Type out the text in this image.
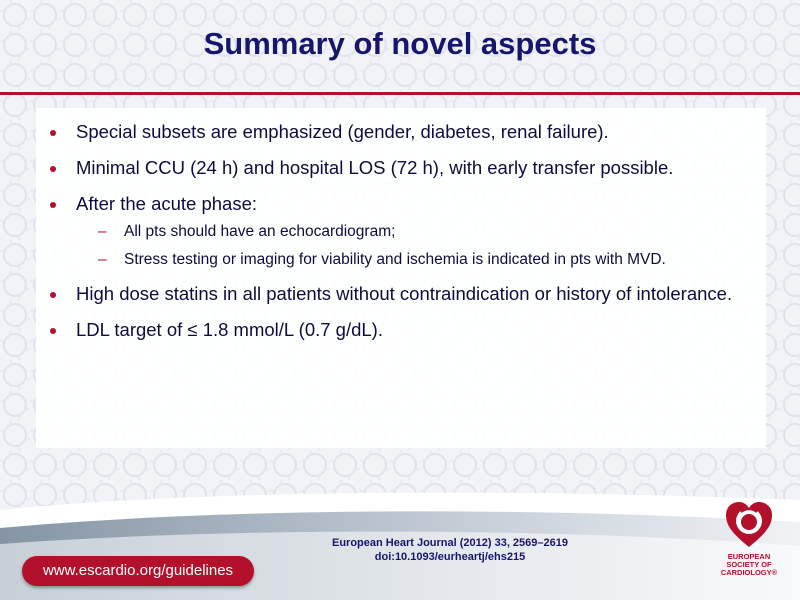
Summary of novel aspects
Special subsets are emphasized (gender, diabetes, renal failure).
Minimal CCU (24 h) and hospital LOS (72 h), with early transfer possible.
After the acute phase:
– All pts should have an echocardiogram;
– Stress testing or imaging for viability and ischemia is indicated in pts with MVD.
High dose statins in all patients without contraindication or history of intolerance.
LDL target of ≤ 1.8 mmol/L (0.7 g/dL).
www.escardio.org/guidelines
European Heart Journal (2012) 33, 2569–2619
doi:10.1093/eurheartj/ehs215	EUROPEAN
SOCIETY OF
CARDIOLOGY®
